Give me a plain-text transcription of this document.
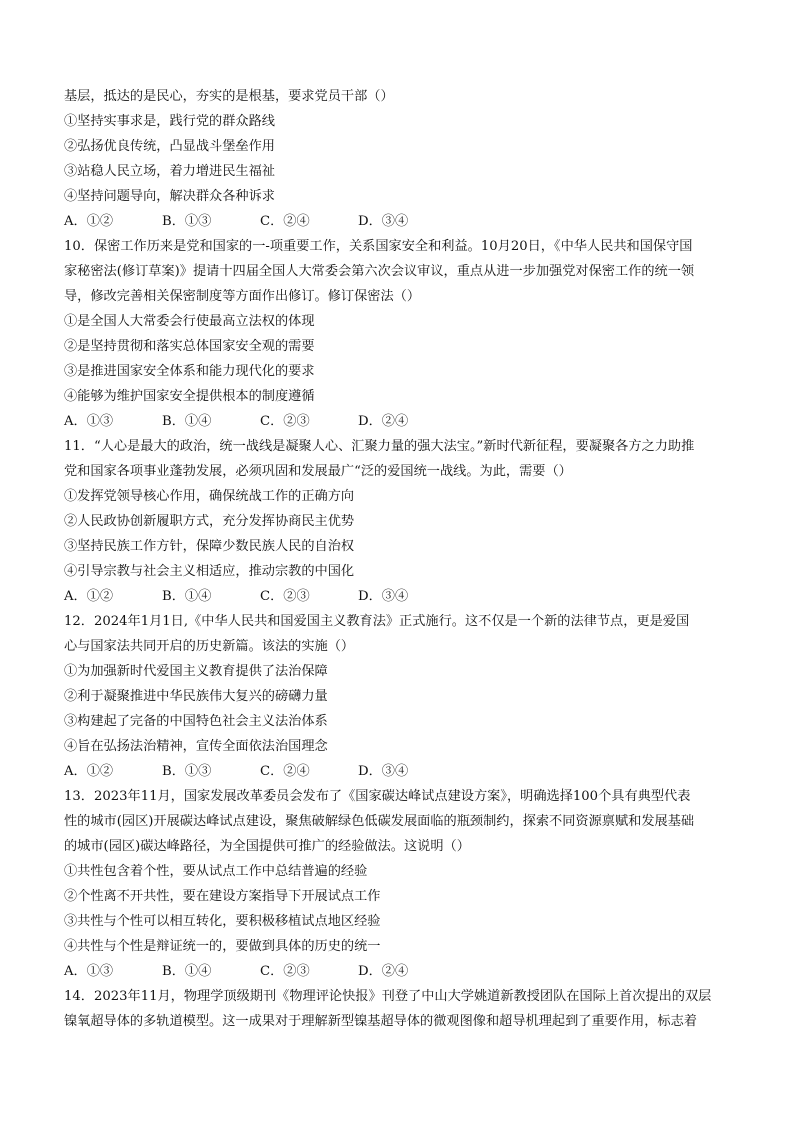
基层，抵达的是民心，夯实的是根基，要求党员干部（）
①坚持实事求是，践行党的群众路线
②弘扬优良传统，凸显战斗堡垒作用
③站稳人民立场，着力增进民生福祉
④坚持问题导向，解决群众各种诉求
A．①②	B．①③	C．②④	D．③④
10．保密工作历来是党和国家的一-项重要工作，关系国家安全和利益。10月20日，《中华人民共和国保守国
家秘密法(修订草案)》提请十四届全国人大常委会第六次会议审议，重点从进一步加强党对保密工作的统一领
导，修改完善相关保密制度等方面作出修订。修订保密法（）
①是全国人大常委会行使最高立法权的体现
②是坚持贯彻和落实总体国家安全观的需要
③是推进国家安全体系和能力现代化的要求
④能够为维护国家安全提供根本的制度遵循
A．①③	B．①④	C．②③	D．②④
11．“人心是最大的政治，统一战线是凝聚人心、汇聚力量的强大法宝。”新时代新征程，要凝聚各方之力助推
党和国家各项事业蓬勃发展，必须巩固和发展最广“泛的爱国统一战线。为此，需要（）
①发挥党领导核心作用，确保统战工作的正确方向
②人民政协创新履职方式，充分发挥协商民主优势
③坚持民族工作方针，保障少数民族人民的自治权
④引导宗教与社会主义相适应，推动宗教的中国化
A．①②	B．①④	C．②③	D．③④
12．2024年1月1日,《中华人民共和国爱国主义教育法》正式施行。这不仅是一个新的法律节点，更是爱国
心与国家法共同开启的历史新篇。该法的实施（）
①为加强新时代爱国主义教育提供了法治保障
②利于凝聚推进中华民族伟大复兴的磅礴力量
③构建起了完备的中国特色社会主义法治体系
④旨在弘扬法治精神，宣传全面依法治国理念
A．①②	B．①③	C．②④	D．③④
13．2023年11月，国家发展改革委员会发布了《国家碳达峰试点建设方案》，明确选择100个具有典型代表
性的城市(园区)开展碳达峰试点建设，聚焦破解绿色低碳发展面临的瓶颈制约，探索不同资源禀赋和发展基础
的城市(园区)碳达峰路径，为全国提供可推广的经验做法。这说明（）
①共性包含着个性，要从试点工作中总结普遍的经验
②个性离不开共性，要在建设方案指导下开展试点工作
③共性与个性可以相互转化，要积极移植试点地区经验
④共性与个性是辩证统一的，要做到具体的历史的统一
A．①③	B．①④	C．②③	D．②④
14．2023年11月，物理学顶级期刊《物理评论快报》刊登了中山大学姚道新教授团队在国际上首次提出的双层
镍氧超导体的多轨道模型。这一成果对于理解新型镍基超导体的微观图像和超导机理起到了重要作用，标志着
